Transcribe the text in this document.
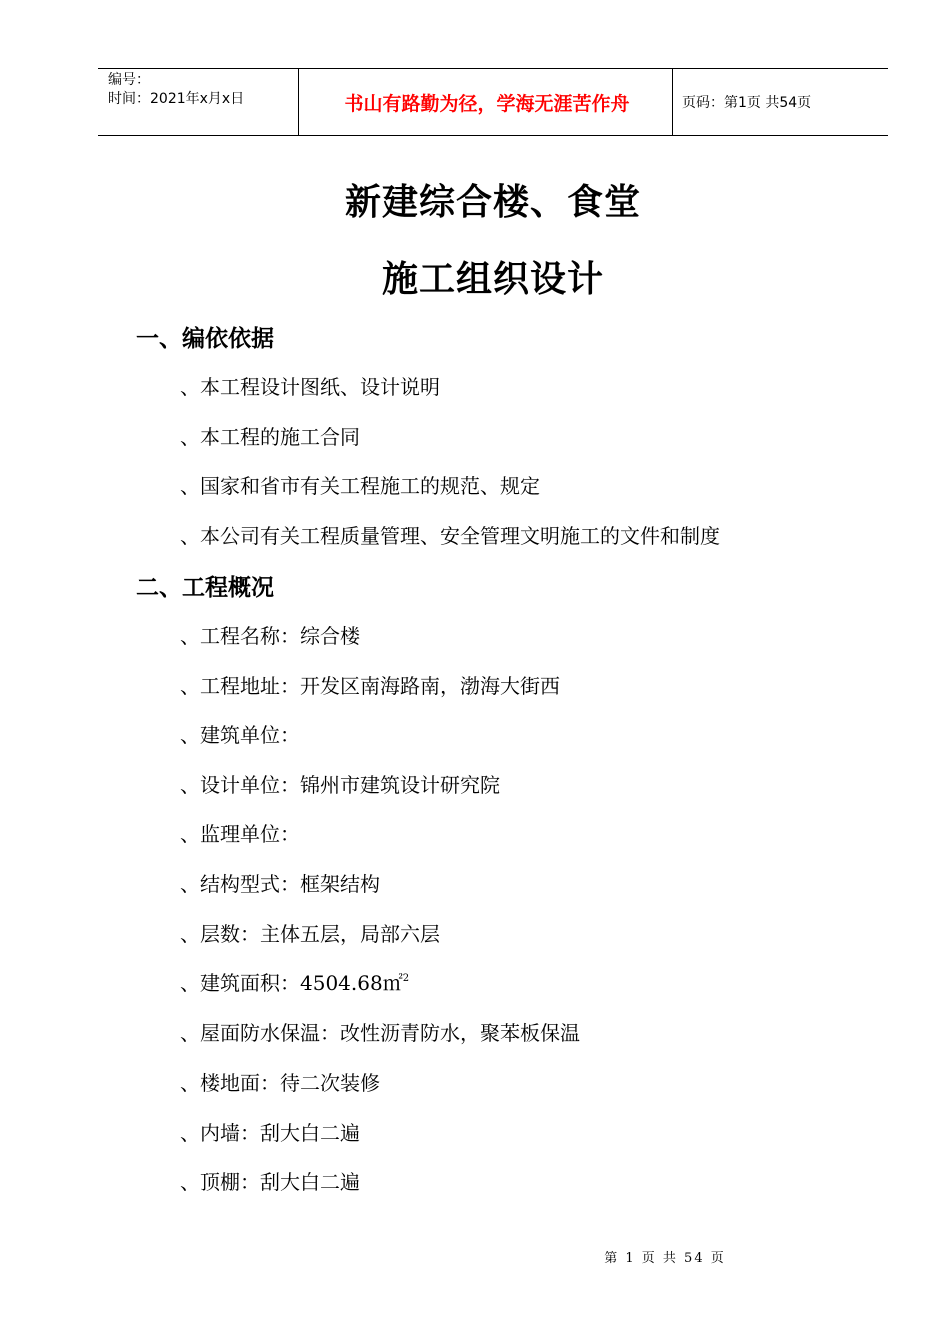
编号：
时间：2021年x月x日	书山有路勤为径，学海无涯苦作舟	页码：第1页 共54页
新建综合楼、食堂
施工组织设计
一、编依依据
、本工程设计图纸、设计说明
、本工程的施工合同
、国家和省市有关工程施工的规范、规定
、本公司有关工程质量管理、安全管理文明施工的文件和制度
二、工程概况
、工程名称：综合楼
、工程地址：开发区南海路南，渤海大街西
、建筑单位：
、设计单位：锦州市建筑设计研究院
、监理单位：
、结构型式：框架结构
、层数：主体五层，局部六层
、建筑面积：4504.68㎡$^2$
、屋面防水保温：改性沥青防水，聚苯板保温
、楼地面：待二次装修
、内墙：刮大白二遍
、顶棚：刮大白二遍
第 1 页 共 54 页
